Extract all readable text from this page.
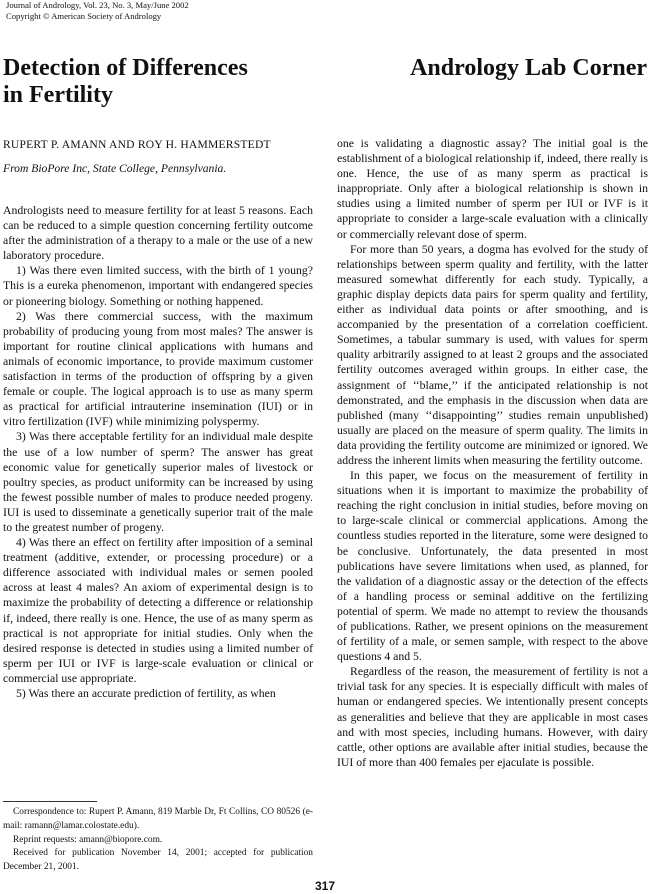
Journal of Andrology, Vol. 23, No. 3, May/June 2002
Copyright © American Society of Andrology
Detection of Differences
in Fertility
Andrology Lab Corner

RUPERT P. AMANN AND ROY H. HAMMERSTEDT

From BioPore Inc, State College, Pennsylvania.

Andrologists need to measure fertility for at least 5 reasons. Each can be reduced to a simple question concerning fertility outcome after the administration of a therapy to a male or the use of a new laboratory procedure.

1) Was there even limited success, with the birth of 1 young? This is a eureka phenomenon, important with endangered species or pioneering biology. Something or nothing happened.

2) Was there commercial success, with the maximum probability of producing young from most males? The answer is important for routine clinical applications with humans and animals of economic importance, to provide maximum customer satisfaction in terms of the production of offspring by a given female or couple. The logical approach is to use as many sperm as practical for artificial intrauterine insemination (IUI) or in vitro fertilization (IVF) while minimizing polyspermy.

3) Was there acceptable fertility for an individual male despite the use of a low number of sperm? The answer has great economic value for genetically superior males of livestock or poultry species, as product uniformity can be increased by using the fewest possible number of males to produce needed progeny. IUI is used to disseminate a genetically superior trait of the male to the greatest number of progeny.

4) Was there an effect on fertility after imposition of a seminal treatment (additive, extender, or processing procedure) or a difference associated with individual males or semen pooled across at least 4 males? An axiom of experimental design is to maximize the probability of detecting a difference or relationship if, indeed, there really is one. Hence, the use of as many sperm as practical is not appropriate for initial studies. Only when the desired response is detected in studies using a limited number of sperm per IUI or IVF is large-scale evaluation or clinical or commercial use appropriate.

5) Was there an accurate prediction of fertility, as when

one is validating a diagnostic assay? The initial goal is the establishment of a biological relationship if, indeed, there really is one. Hence, the use of as many sperm as practical is inappropriate. Only after a biological relationship is shown in studies using a limited number of sperm per IUI or IVF is it appropriate to consider a large-scale evaluation with a clinically or commercially relevant dose of sperm.

For more than 50 years, a dogma has evolved for the study of relationships between sperm quality and fertility, with the latter measured somewhat differently for each study. Typically, a graphic display depicts data pairs for sperm quality and fertility, either as individual data points or after smoothing, and is accompanied by the presentation of a correlation coefficient. Sometimes, a tabular summary is used, with values for sperm quality arbitrarily assigned to at least 2 groups and the associated fertility outcomes averaged within groups. In either case, the assignment of ‘‘blame,’’ if the anticipated relationship is not demonstrated, and the emphasis in the discussion when data are published (many ‘‘disappointing’’ studies remain unpublished) usually are placed on the measure of sperm quality. The limits in data providing the fertility outcome are minimized or ignored. We address the inherent limits when measuring the fertility outcome.

In this paper, we focus on the measurement of fertility in situations when it is important to maximize the probability of reaching the right conclusion in initial studies, before moving on to large-scale clinical or commercial applications. Among the countless studies reported in the literature, some were designed to be conclusive. Unfortunately, the data presented in most publications have severe limitations when used, as planned, for the validation of a diagnostic assay or the detection of the effects of a handling process or seminal additive on the fertilizing potential of sperm. We made no attempt to review the thousands of publications. Rather, we present opinions on the measurement of fertility of a male, or semen sample, with respect to the above questions 4 and 5.

Regardless of the reason, the measurement of fertility is not a trivial task for any species. It is especially difficult with males of human or endangered species. We intentionally present concepts as generalities and believe that they are applicable in most cases and with most species, including humans. However, with dairy cattle, other options are available after initial studies, because the IUI of more than 400 females per ejaculate is possible.

Correspondence to: Rupert P. Amann, 819 Marble Dr, Ft Collins, CO 80526 (e-mail: ramann@lamar.colostate.edu).

Reprint requests: amann@biopore.com.

Received for publication November 14, 2001; accepted for publication December 21, 2001.

317
